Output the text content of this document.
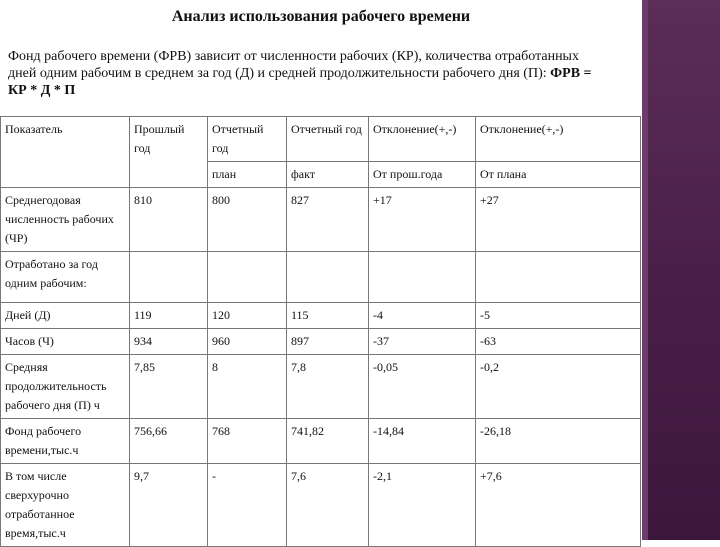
Анализ использования рабочего времени
Фонд рабочего времени (ФРВ) зависит от численности рабочих (КР), количества отработанных дней одним рабочим в среднем за год (Д) и средней продолжительности рабочего дня (П): ФРВ = КР * Д * П
Показатель	Прошлый год	Отчетный год	Отчетный год	Отклонение(+,-)	Отклонение(+,-)
		план	факт	От прош.года	От плана
Среднегодовая численность рабочих (ЧР)	810	800	827	+17	+27
Отработано за год одним рабочим:					
Дней (Д)	119	120	115	-4	-5
Часов (Ч)	934	960	897	-37	-63
Средняя продолжительность рабочего дня (П) ч	7,85	8	7,8	-0,05	-0,2
Фонд рабочего времени,тыс.ч	756,66	768	741,82	-14,84	-26,18
В том числе сверхурочно отработанное время,тыс.ч	9,7	-	7,6	-2,1	+7,6
